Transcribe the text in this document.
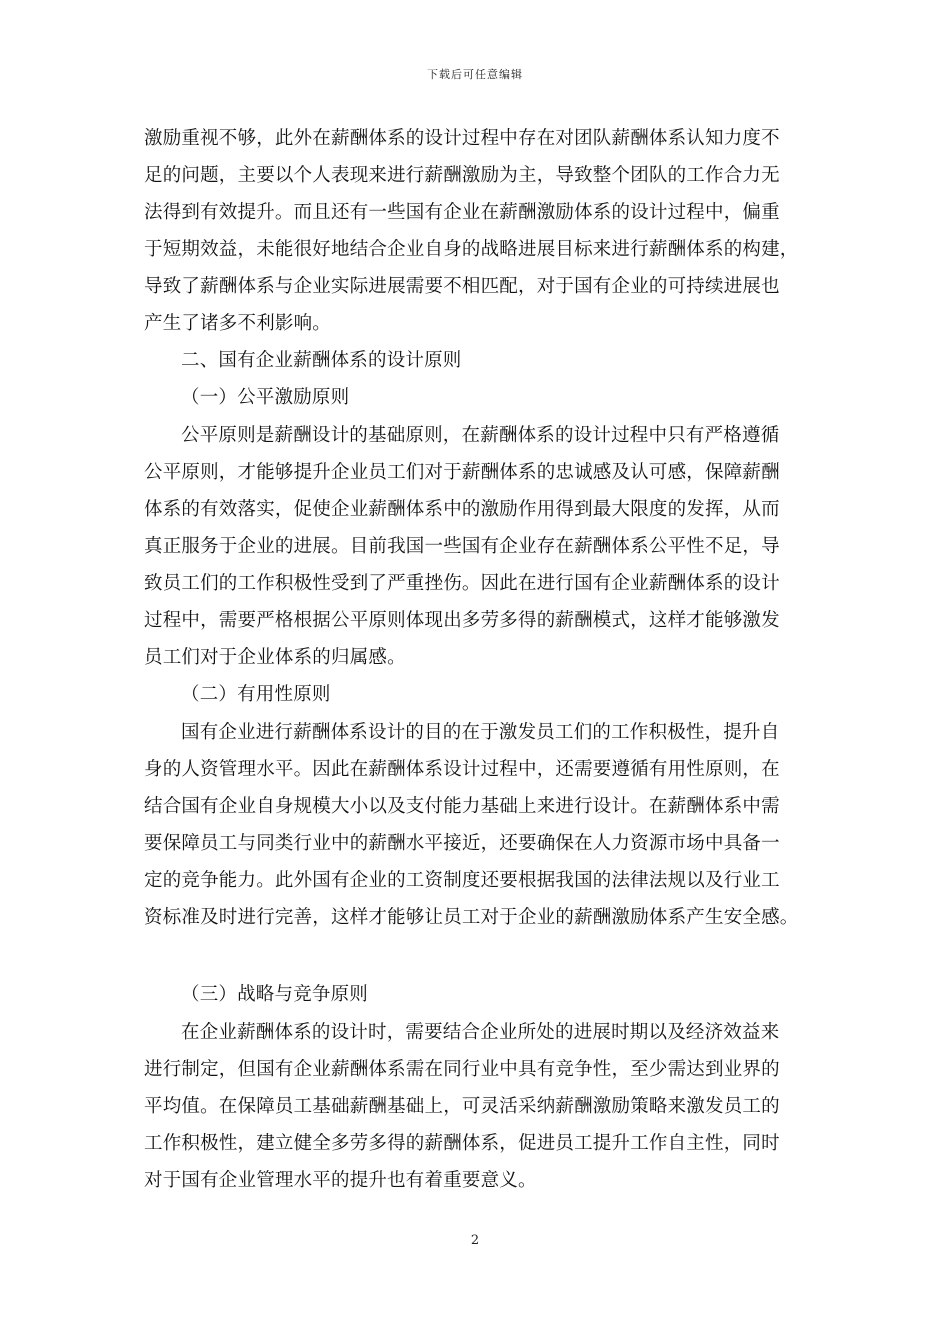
下载后可任意编辑
激励重视不够，此外在薪酬体系的设计过程中存在对团队薪酬体系认知力度不
足的问题，主要以个人表现来进行薪酬激励为主，导致整个团队的工作合力无
法得到有效提升。而且还有一些国有企业在薪酬激励体系的设计过程中，偏重
于短期效益，未能很好地结合企业自身的战略进展目标来进行薪酬体系的构建，
导致了薪酬体系与企业实际进展需要不相匹配，对于国有企业的可持续进展也
产生了诸多不利影响。
二、国有企业薪酬体系的设计原则
（一）公平激励原则
公平原则是薪酬设计的基础原则，在薪酬体系的设计过程中只有严格遵循
公平原则，才能够提升企业员工们对于薪酬体系的忠诚感及认可感，保障薪酬
体系的有效落实，促使企业薪酬体系中的激励作用得到最大限度的发挥，从而
真正服务于企业的进展。目前我国一些国有企业存在薪酬体系公平性不足，导
致员工们的工作积极性受到了严重挫伤。因此在进行国有企业薪酬体系的设计
过程中，需要严格根据公平原则体现出多劳多得的薪酬模式，这样才能够激发
员工们对于企业体系的归属感。
（二）有用性原则
国有企业进行薪酬体系设计的目的在于激发员工们的工作积极性，提升自
身的人资管理水平。因此在薪酬体系设计过程中，还需要遵循有用性原则，在
结合国有企业自身规模大小以及支付能力基础上来进行设计。在薪酬体系中需
要保障员工与同类行业中的薪酬水平接近，还要确保在人力资源市场中具备一
定的竞争能力。此外国有企业的工资制度还要根据我国的法律法规以及行业工
资标准及时进行完善，这样才能够让员工对于企业的薪酬激励体系产生安全感。
（三）战略与竞争原则
在企业薪酬体系的设计时，需要结合企业所处的进展时期以及经济效益来
进行制定，但国有企业薪酬体系需在同行业中具有竞争性，至少需达到业界的
平均值。在保障员工基础薪酬基础上，可灵活采纳薪酬激励策略来激发员工的
工作积极性，建立健全多劳多得的薪酬体系，促进员工提升工作自主性，同时
对于国有企业管理水平的提升也有着重要意义。
2
